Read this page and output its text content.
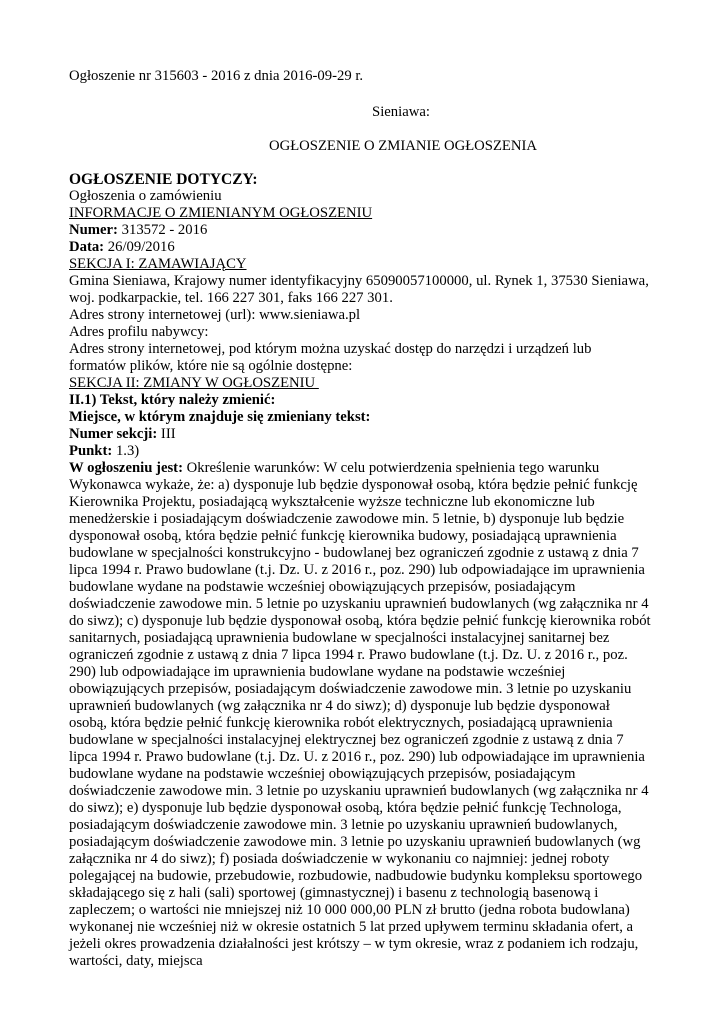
Ogłoszenie nr 315603 - 2016 z dnia 2016-09-29 r.
Sieniawa:
OGŁOSZENIE O ZMIANIE OGŁOSZENIA
OGŁOSZENIE DOTYCZY:
Ogłoszenia o zamówieniu
INFORMACJE O ZMIENIANYM OGŁOSZENIU
Numer: 313572 - 2016
Data: 26/09/2016
SEKCJA I: ZAMAWIAJĄCY
Gmina Sieniawa, Krajowy numer identyfikacyjny 65090057100000, ul. Rynek 1, 37530 Sieniawa, woj. podkarpackie, tel. 166 227 301, faks 166 227 301.
Adres strony internetowej (url): www.sieniawa.pl
Adres profilu nabywcy:
Adres strony internetowej, pod którym można uzyskać dostęp do narzędzi i urządzeń lub formatów plików, które nie są ogólnie dostępne:
SEKCJA II: ZMIANY W OGŁOSZENIU
II.1) Tekst, który należy zmienić:
Miejsce, w którym znajduje się zmieniany tekst:
Numer sekcji: III
Punkt: 1.3)
W ogłoszeniu jest: Określenie warunków: W celu potwierdzenia spełnienia tego warunku Wykonawca wykaże, że: a) dysponuje lub będzie dysponował osobą, która będzie pełnić funkcję Kierownika Projektu, posiadającą wykształcenie wyższe techniczne lub ekonomiczne lub menedżerskie i posiadającym doświadczenie zawodowe min. 5 letnie, b) dysponuje lub będzie dysponował osobą, która będzie pełnić funkcję kierownika budowy, posiadającą uprawnienia budowlane w specjalności konstrukcyjno - budowlanej bez ograniczeń zgodnie z ustawą z dnia 7 lipca 1994 r. Prawo budowlane (t.j. Dz. U. z 2016 r., poz. 290) lub odpowiadające im uprawnienia budowlane wydane na podstawie wcześniej obowiązujących przepisów, posiadającym doświadczenie zawodowe min. 5 letnie po uzyskaniu uprawnień budowlanych (wg załącznika nr 4 do siwz); c) dysponuje lub będzie dysponował osobą, która będzie pełnić funkcję kierownika robót sanitarnych, posiadającą uprawnienia budowlane w specjalności instalacyjnej sanitarnej bez ograniczeń zgodnie z ustawą z dnia 7 lipca 1994 r. Prawo budowlane (t.j. Dz. U. z 2016 r., poz. 290) lub odpowiadające im uprawnienia budowlane wydane na podstawie wcześniej obowiązujących przepisów, posiadającym doświadczenie zawodowe min. 3 letnie po uzyskaniu uprawnień budowlanych (wg załącznika nr 4 do siwz); d) dysponuje lub będzie dysponował osobą, która będzie pełnić funkcję kierownika robót elektrycznych, posiadającą uprawnienia budowlane w specjalności instalacyjnej elektrycznej bez ograniczeń zgodnie z ustawą z dnia 7 lipca 1994 r. Prawo budowlane (t.j. Dz. U. z 2016 r., poz. 290) lub odpowiadające im uprawnienia budowlane wydane na podstawie wcześniej obowiązujących przepisów, posiadającym doświadczenie zawodowe min. 3 letnie po uzyskaniu uprawnień budowlanych (wg załącznika nr 4 do siwz); e) dysponuje lub będzie dysponował osobą, która będzie pełnić funkcję Technologa, posiadającym doświadczenie zawodowe min. 3 letnie po uzyskaniu uprawnień budowlanych, posiadającym doświadczenie zawodowe min. 3 letnie po uzyskaniu uprawnień budowlanych (wg załącznika nr 4 do siwz); f) posiada doświadczenie w wykonaniu co najmniej: jednej roboty polegającej na budowie, przebudowie, rozbudowie, nadbudowie budynku kompleksu sportowego składającego się z hali (sali) sportowej (gimnastycznej) i basenu z technologią basenową i zapleczem; o wartości nie mniejszej niż 10 000 000,00 PLN zł brutto (jedna robota budowlana) wykonanej nie wcześniej niż w okresie ostatnich 5 lat przed upływem terminu składania ofert, a jeżeli okres prowadzenia działalności jest krótszy – w tym okresie, wraz z podaniem ich rodzaju, wartości, daty, miejsca
